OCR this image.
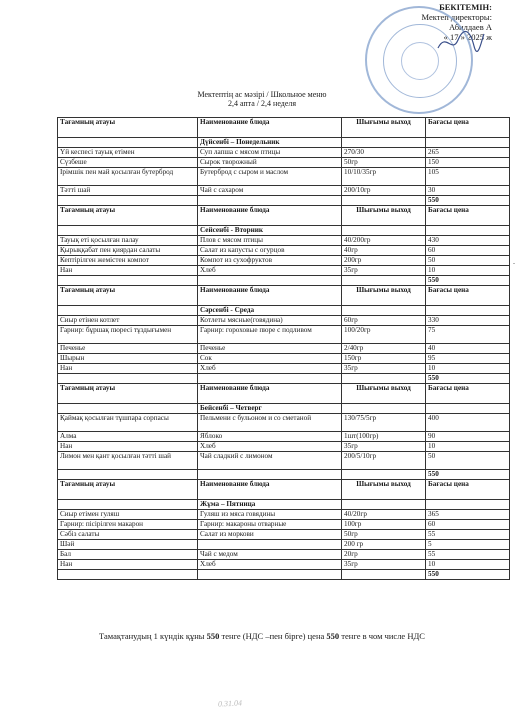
БЕКІТЕМІН:
Мектеп директоры:
Абилдаев А
« 17 » 2025 ж
Мектептің ас мәзірі / Школьное меню
2,4 апта / 2,4 неделя
Тағамның атауы	Наименование блюда	Шығымы выход	Бағасы цена
	Дүйсенбі – Понедельник		
Үй кеспесі тауық етімен	Суп лапша с мясом птицы	270/30	265
Сүзбеше	Сырок творожный	50гр	150
Ірімшік пен май қосылған бутерброд	Бутерброд с сыром и маслом	10/10/35гр	105
Тәтті шай	Чай с сахаром	200/10гр	30
			550
Тағамның атауы	Наименование блюда	Шығымы выход	Бағасы цена
	Сейсенбі - Вторник		
Тауық еті қосылған палау	Плов с мясом птицы	40/200гр	430
Қырыққабат пен қиярдан салаты	Салат из капусты с огурцов	40гр	60
Кептірілген жемістен компот	Компот из сухофруктов	200гр	50
Нан	Хлеб	35гр	10
			550
Тағамның атауы	Наименование блюда	Шығымы выход	Бағасы цена
	Сәрсенбі - Среда		
Сиыр етінен котлет	Котлеты мясные(говядина)	60гр	330
Гарнир: бұршақ пюресі тұздығымен	Гарнир: гороховые пюре с подливом	100/20гр	75
Печенье	Печенье	2/40гр	40
Шырын	Сок	150гр	95
Нан	Хлеб	35гр	10
			550
Тағамның атауы	Наименование блюда	Шығымы выход	Бағасы цена
	Бейсенбі – Четверг		
Қаймақ қосылған тұшпара сорпасы	Пельмени с бульоном и со сметаной	130/75/5гр	400
Алма	Яблоко	1шт(100гр)	90
Нан	Хлеб	35гр	10
Лимон мен қант қосылған тәтті шай	Чай сладкий с лимоном	200/5/10гр	50
			550
Тағамның атауы	Наименование блюда	Шығымы выход	Бағасы цена
	Жұма – Пятница		
Сиыр етімен гуляш	Гуляш из мяса говядины	40/20гр	365
Гарнир: пісірілген макарон	Гарнир: макароны отварные	100гр	60
Сәбіз салаты	Салат из моркови	50гр	55
Шәй		200 гр	5
Бал	Чай с медом	20гр	55
Нан	Хлеб	35гр	10
			550
Тамақтанудың 1 күндік құны 550 тенге (НДС –пен бірге) цена 550 тенге в чом числе НДС
0.31.04
.
